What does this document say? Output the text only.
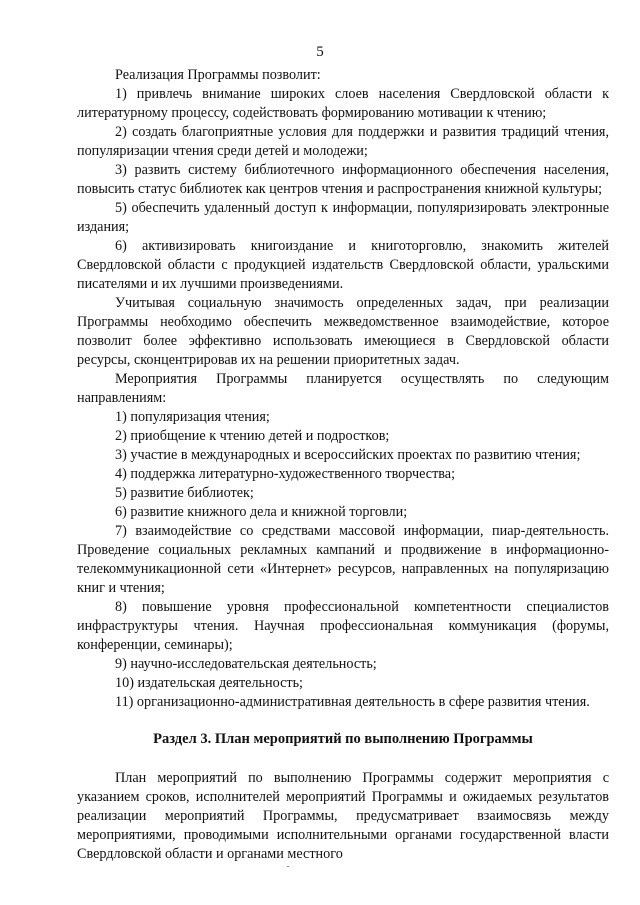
5

Реализация Программы позволит:

1) привлечь внимание широких слоев населения Свердловской области к литературному процессу, содействовать формированию мотивации к чтению;

2) создать благоприятные условия для поддержки и развития традиций чтения, популяризации чтения среди детей и молодежи;

3) развить систему библиотечного информационного обеспечения населения, повысить статус библиотек как центров чтения и распространения книжной культуры;

5) обеспечить удаленный доступ к информации, популяризировать электронные издания;

6) активизировать книгоиздание и книготорговлю, знакомить жителей Свердловской области с продукцией издательств Свердловской области, уральскими писателями и их лучшими произведениями.

Учитывая социальную значимость определенных задач, при реализации Программы необходимо обеспечить межведомственное взаимодействие, которое позволит более эффективно использовать имеющиеся в Свердловской области ресурсы, сконцентрировав их на решении приоритетных задач.

Мероприятия Программы планируется осуществлять по следующим направлениям:

1) популяризация чтения;

2) приобщение к чтению детей и подростков;

3) участие в международных и всероссийских проектах по развитию чтения;

4) поддержка литературно-художественного творчества;

5) развитие библиотек;

6) развитие книжного дела и книжной торговли;

7) взаимодействие со средствами массовой информации, пиар-деятельность. Проведение социальных рекламных кампаний и продвижение в информационно-телекоммуникационной сети «Интернет» ресурсов, направленных на популяризацию книг и чтения;

8) повышение уровня профессиональной компетентности специалистов инфраструктуры чтения. Научная профессиональная коммуникация (форумы, конференции, семинары);

9) научно-исследовательская деятельность;

10) издательская деятельность;

11) организационно-административная деятельность в сфере развития чтения.

Раздел 3. План мероприятий по выполнению Программы

План мероприятий по выполнению Программы содержит мероприятия с указанием сроков, исполнителей мероприятий Программы и ожидаемых результатов реализации мероприятий Программы, предусматривает взаимосвязь между мероприятиями, проводимыми исполнительными органами государственной власти Свердловской области и органами местного
